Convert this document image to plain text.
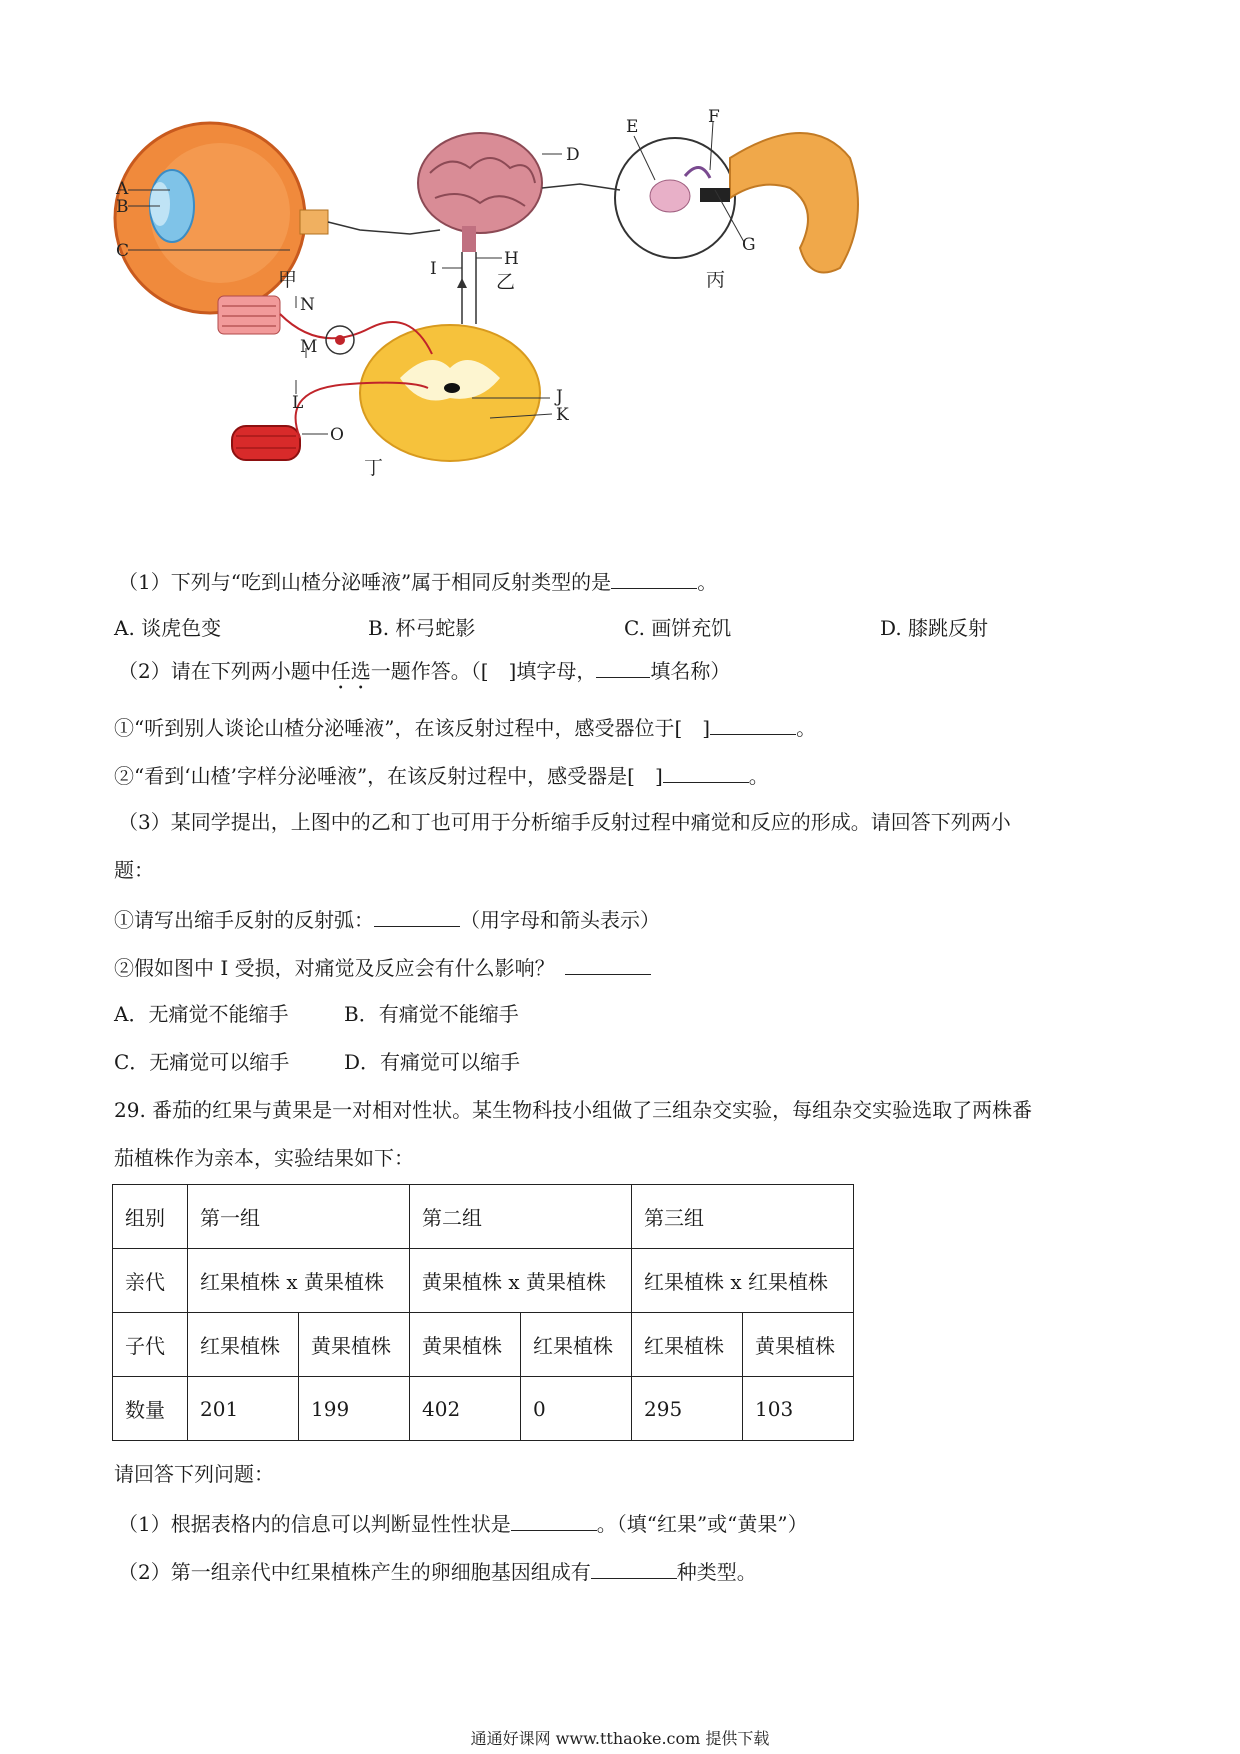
A
B
C
D
E	F
G
H
I
J
K
L
M
N
O
甲	乙	丙
丁
（1）下列与“吃到山楂分泌唾液”属于相同反射类型的是	。
A. 谈虎色变	B. 杯弓蛇影	C. 画饼充饥	D. 膝跳反射
（2）请在下列两小题中任选一题作答。（[　]填字母，	填名称）
①“听到别人谈论山楂分泌唾液”，在该反射过程中，感受器位于[　]	。
②“看到‘山楂’字样分泌唾液”，在该反射过程中，感受器是[　]	。
（3）某同学提出，上图中的乙和丁也可用于分析缩手反射过程中痛觉和反应的形成。请回答下列两小
题：
①请写出缩手反射的反射弧：	（用字母和箭头表示）
②假如图中 I 受损，对痛觉及反应会有什么影响？
A．无痛觉不能缩手	B．有痛觉不能缩手
C．无痛觉可以缩手	D．有痛觉可以缩手
29. 番茄的红果与黄果是一对相对性状。某生物科技小组做了三组杂交实验，每组杂交实验选取了两株番
茄植株作为亲本，实验结果如下：
组别	第一组		第二组		第三组	
亲代	红果植株 x 黄果植株		黄果植株 x 黄果植株		红果植株 x 红果植株	
子代	红果植株	黄果植株	黄果植株	红果植株	红果植株	黄果植株
数量	201	199	402	0	295	103
请回答下列问题：
（1）根据表格内的信息可以判断显性性状是	。（填“红果”或“黄果”）
（2）第一组亲代中红果植株产生的卵细胞基因组成有	种类型。
通通好课网 www.tthaoke.com 提供下载
